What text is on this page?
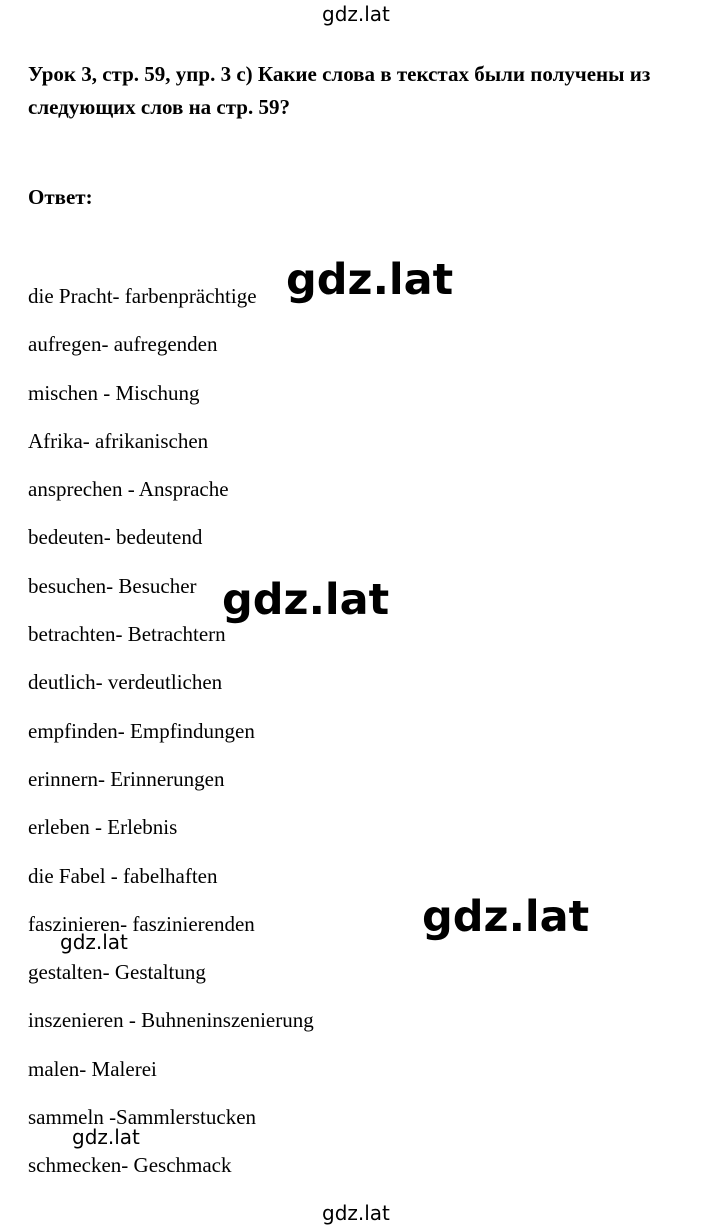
gdz.lat
Урок 3, стр. 59, упр. 3 с) Какие слова в текстах были получены из следующих слов на стр. 59?
Ответ:
die Pracht- farbenprächtige
aufregen- aufregenden
mischen - Mischung
Afrika- afrikanischen
ansprechen - Ansprache
bedeuten- bedeutend
besuchen- Besucher
betrachten- Betrachtern
deutlich- verdeutlichen
empfinden- Empfindungen
erinnern- Erinnerungen
erleben - Erlebnis
die Fabel - fabelhaften
faszinieren- faszinierenden
gestalten- Gestaltung
inszenieren - Buhneninszenierung
malen- Malerei
sammeln -Sammlerstucken
schmecken- Geschmack
gdz.lat
gdz.lat
gdz.lat
gdz.lat
gdz.lat
gdz.lat
